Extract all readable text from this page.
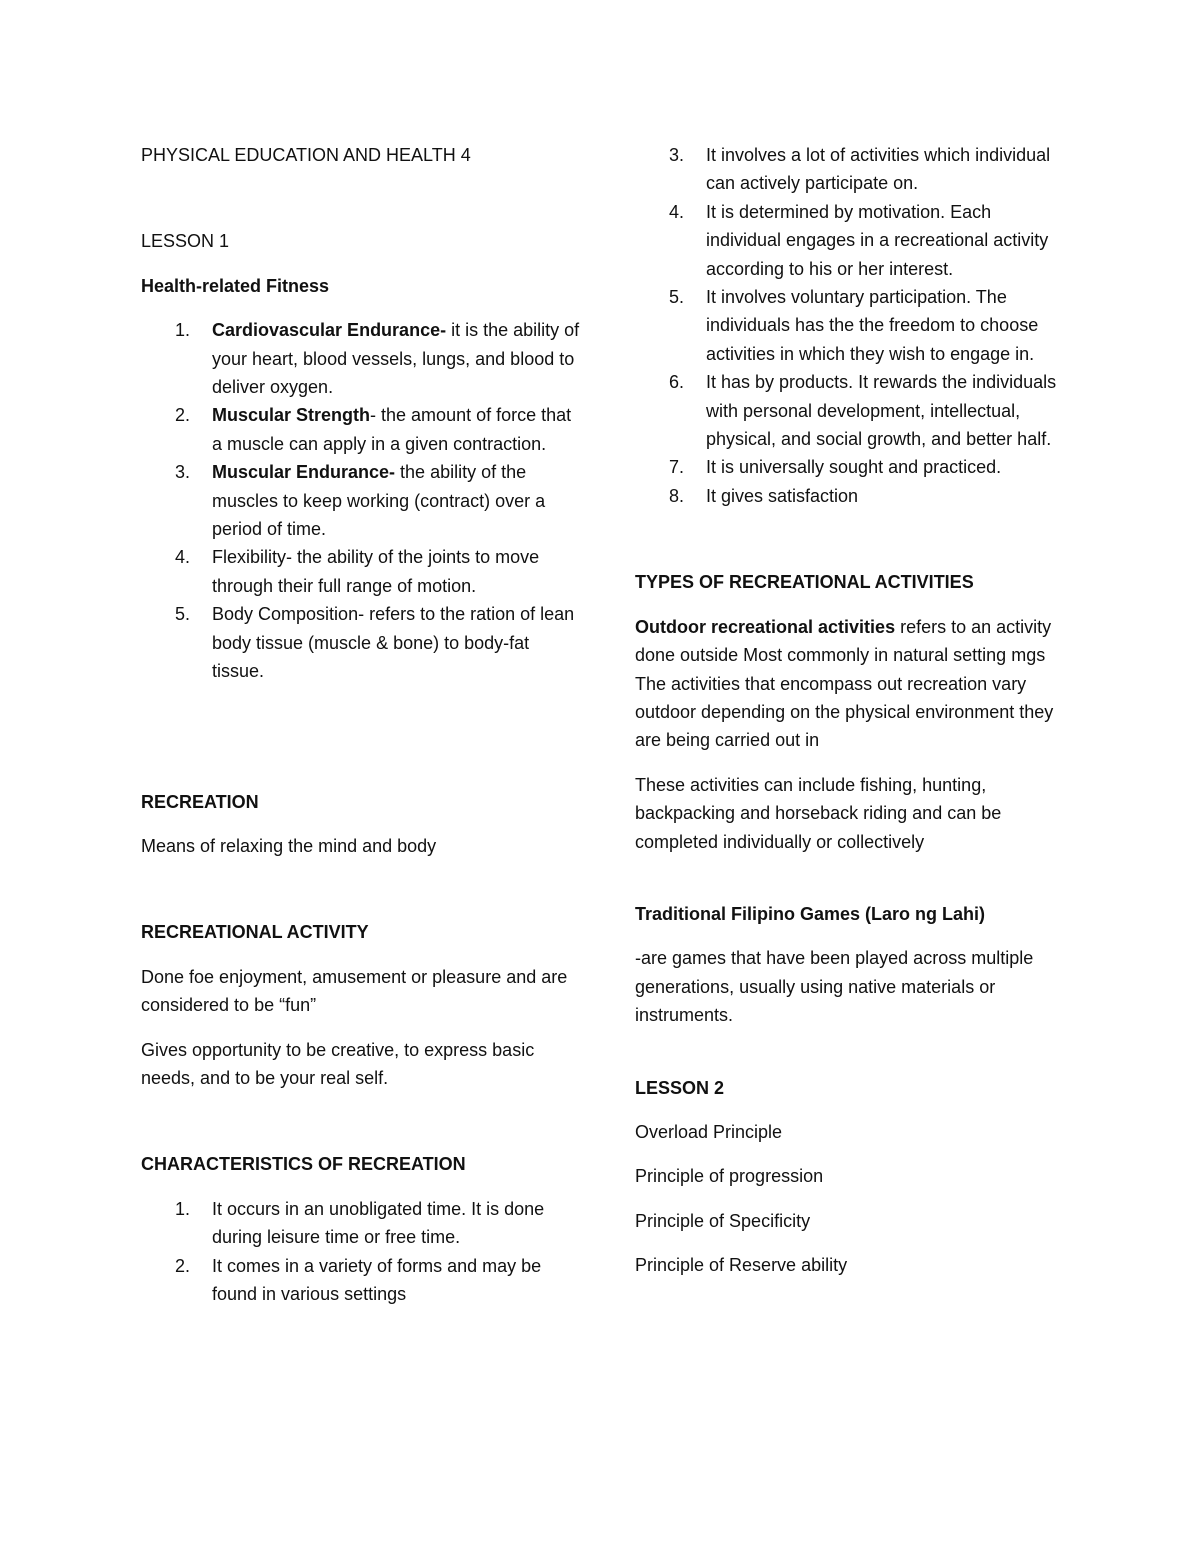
PHYSICAL EDUCATION AND HEALTH 4

LESSON 1

Health-related Fitness

1. Cardiovascular Endurance- it is the ability of your heart, blood vessels, lungs, and blood to deliver oxygen.
2. Muscular Strength- the amount of force that a muscle can apply in a given contraction.
3. Muscular Endurance- the ability of the muscles to keep working (contract) over a period of time.
4. Flexibility- the ability of the joints to move through their full range of motion.
5. Body Composition- refers to the ration of lean body tissue (muscle & bone) to body-fat tissue.

RECREATION

Means of relaxing the mind and body

RECREATIONAL ACTIVITY

Done foe enjoyment, amusement or pleasure and are considered to be “fun”

Gives opportunity to be creative, to express basic needs, and to be your real self.

CHARACTERISTICS OF RECREATION

1. It occurs in an unobligated time. It is done during leisure time or free time.
2. It comes in a variety of forms and may be found in various settings
3. It involves a lot of activities which individual can actively participate on.
4. It is determined by motivation. Each individual engages in a recreational activity according to his or her interest.
5. It involves voluntary participation. The individuals has the the freedom to choose activities in which they wish to engage in.
6. It has by products. It rewards the individuals with personal development, intellectual, physical, and social growth, and better half.
7. It is universally sought and practiced.
8. It gives satisfaction

TYPES OF RECREATIONAL ACTIVITIES

Outdoor recreational activities refers to an activity done outside Most commonly in natural setting mgs The activities that encompass out recreation vary outdoor depending on the physical environment they are being carried out in

These activities can include fishing, hunting, backpacking and horseback riding and can be completed individually or collectively

Traditional Filipino Games (Laro ng Lahi)

-are games that have been played across multiple generations, usually using native materials or instruments.

LESSON 2

Overload Principle

Principle of progression

Principle of Specificity

Principle of Reserve ability
